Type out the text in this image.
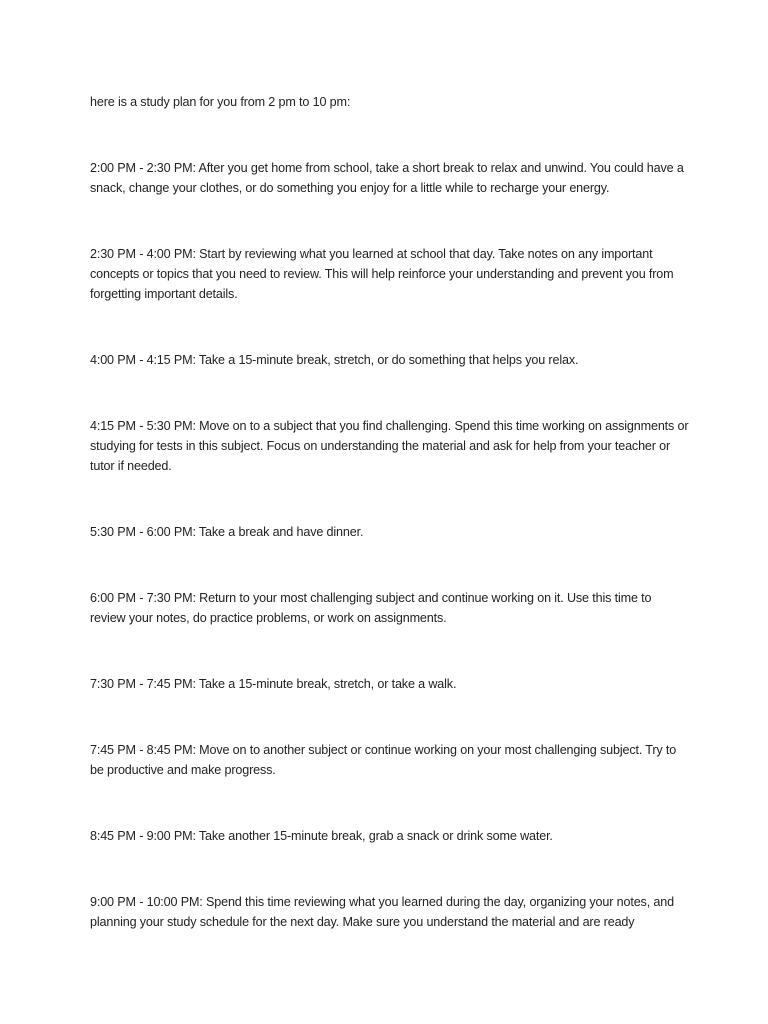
here is a study plan for you from 2 pm to 10 pm:

2:00 PM - 2:30 PM: After you get home from school, take a short break to relax and unwind. You could have a snack, change your clothes, or do something you enjoy for a little while to recharge your energy.

2:30 PM - 4:00 PM: Start by reviewing what you learned at school that day. Take notes on any important concepts or topics that you need to review. This will help reinforce your understanding and prevent you from forgetting important details.

4:00 PM - 4:15 PM: Take a 15-minute break, stretch, or do something that helps you relax.

4:15 PM - 5:30 PM: Move on to a subject that you find challenging. Spend this time working on assignments or studying for tests in this subject. Focus on understanding the material and ask for help from your teacher or tutor if needed.

5:30 PM - 6:00 PM: Take a break and have dinner.

6:00 PM - 7:30 PM: Return to your most challenging subject and continue working on it. Use this time to review your notes, do practice problems, or work on assignments.

7:30 PM - 7:45 PM: Take a 15-minute break, stretch, or take a walk.

7:45 PM - 8:45 PM: Move on to another subject or continue working on your most challenging subject. Try to be productive and make progress.

8:45 PM - 9:00 PM: Take another 15-minute break, grab a snack or drink some water.

9:00 PM - 10:00 PM: Spend this time reviewing what you learned during the day, organizing your notes, and planning your study schedule for the next day. Make sure you understand the material and are ready
